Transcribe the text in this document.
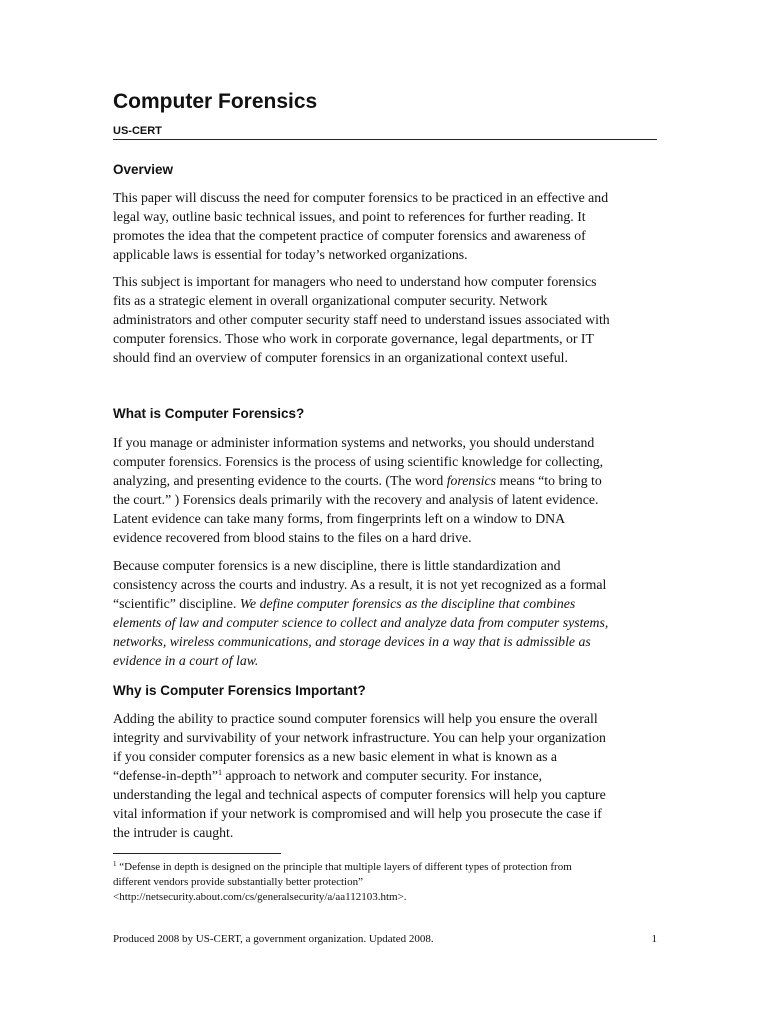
Computer Forensics
US-CERT
Overview

This paper will discuss the need for computer forensics to be practiced in an effective and
legal way, outline basic technical issues, and point to references for further reading. It
promotes the idea that the competent practice of computer forensics and awareness of
applicable laws is essential for today’s networked organizations.

This subject is important for managers who need to understand how computer forensics
fits as a strategic element in overall organizational computer security. Network
administrators and other computer security staff need to understand issues associated with
computer forensics. Those who work in corporate governance, legal departments, or IT
should find an overview of computer forensics in an organizational context useful.

What is Computer Forensics?

If you manage or administer information systems and networks, you should understand
computer forensics. Forensics is the process of using scientific knowledge for collecting,
analyzing, and presenting evidence to the courts. (The word forensics means “to bring to
the court.” ) Forensics deals primarily with the recovery and analysis of latent evidence.
Latent evidence can take many forms, from fingerprints left on a window to DNA
evidence recovered from blood stains to the files on a hard drive.

Because computer forensics is a new discipline, there is little standardization and
consistency across the courts and industry. As a result, it is not yet recognized as a formal
“scientific” discipline. We define computer forensics as the discipline that combines
elements of law and computer science to collect and analyze data from computer systems,
networks, wireless communications, and storage devices in a way that is admissible as
evidence in a court of law.

Why is Computer Forensics Important?

Adding the ability to practice sound computer forensics will help you ensure the overall
integrity and survivability of your network infrastructure. You can help your organization
if you consider computer forensics as a new basic element in what is known as a
“defense-in-depth”$^1$ approach to network and computer security. For instance,
understanding the legal and technical aspects of computer forensics will help you capture
vital information if your network is compromised and will help you prosecute the case if
the intruder is caught.

$^1$ “Defense in depth is designed on the principle that multiple layers of different types of protection from
different vendors provide substantially better protection”
<http://netsecurity.about.com/cs/generalsecurity/a/aa112103.htm>.
Produced 2008 by US-CERT, a government organization. Updated 2008.	1
